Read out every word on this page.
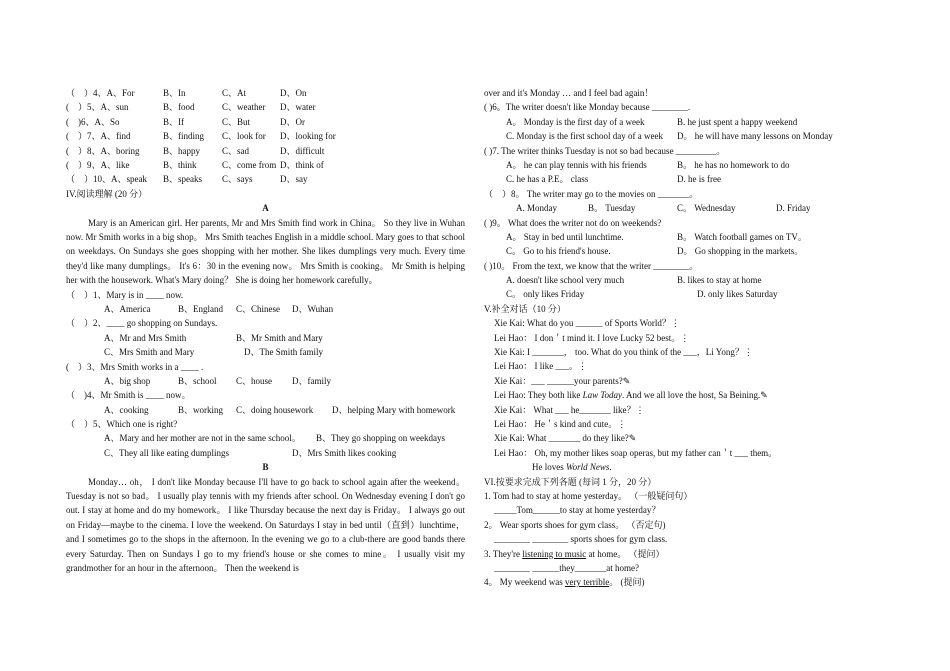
（　）4、A、For	B、In	C、At	D、On
(　）5、A、sun	B、food	C、weather D、water
(　)6、A、So	B、If	C、But	D、Or
(　）7、A、find	B、finding C、look for D、looking for
(　）8、A、boring	B、happy C、sad	D、difficult
(　）9、A、like	B、think	C、come from D、think of
（　）10、A、speak B、speaks C、says	D、say
IV.阅读理解 (20 分）
A

Mary is an American girl. Her parents, Mr and Mrs Smith find work in China。 So they live in Wuhan now. Mr Smith works in a big shop。 Mrs Smith teaches English in a middle school. Mary goes to that school on weekdays. On Sundays she goes shopping with her mother. She likes dumplings very much. Every time they'd like many dumplings。 It's 6：30 in the evening now。 Mrs Smith is cooking。 Mr Smith is helping her with the housework. What's Mary doing？ She is doing her homework carefully。

（　）1、Mary is in ____ now.
A、America	B、England C、Chinese D、Wuhan
（　）2、____ go shopping on Sundays.
A、Mr and Mrs Smith	B、Mr Smith and Mary
C、Mrs Smith and Mary	D、The Smith family
(　）3、Mrs Smith works in a ____ .
A、big shop	B、school C、house D、family
（　)4、Mr Smith is ____ now。
A、cooking	B、working C、doing housework D、helping Mary with homework
（　）5、Which one is right?
A、Mary and her mother are not in the same school。 B、They go shopping on weekdays
C、They all like eating dumplings	D、Mrs Smith likes cooking
B

Monday… oh， I don't like Monday because I'll have to go back to school again after the weekend。 Tuesday is not so bad。 I usually play tennis with my friends after school. On Wednesday evening I don't go out. I stay at home and do my homework。 I like Thursday because the next day is Friday。 I always go out on Friday—maybe to the cinema. I love the weekend. On Saturdays I stay in bed until（直到）lunchtime， and I sometimes go to the shops in the afternoon. In the evening we go to a club-there are good bands there every Saturday. Then on Sundays I go to my friend's house or she comes to mine。 I usually visit my grandmother for an hour in the afternoon。 Then the weekend is

over and it's Monday … and I feel bad again！
( )6。The writer doesn't like Monday because ________.
A。 Monday is the first day of a week	B. he just spent a happy weekend
C. Monday is the first school day of a week D。 he will have many lessons on Monday
( )7. The writer thinks Tuesday is not so bad because _________。
A。 he can play tennis with his friends	B。 he has no homework to do
C. he has a P.E。 class	D. he is free
（　）8。 The writer may go to the movies on _______。
A. Monday	B。 Tuesday	C。 Wednesday	D. Friday
( )9。 What does the writer not do on weekends?
A。 Stay in bed until lunchtime.	B。 Watch football games on TV。
C。 Go to his friend's house.	D。 Go shopping in the markets。
( )10。 From the text, we know that the writer ________。
A. doesn't like school very much	B. likes to stay at home
C。 only likes Friday	D. only likes Saturday
V.补全对话（10 分）
Xie Kai: What do you ______ of Sports World？⋮
Lei Hao： I don＇t mind it. I love Lucky 52 best。⋮
Xie Kai: I _______， too. What do you think of the ___，Li Yong？⋮
Lei Hao： I like ___。⋮
Xie Kai：___ ______your parents?✎
Lei Hao: They both like Law Today. And we all love the host, Sa Beining.✎
Xie Kai： What ___ he_______ like？⋮
Lei Hao： He＇s kind and cute。⋮
Xie Kai: What _______ do they like?✎
Lei Hao： Oh, my mother likes soap operas, but my father can＇t ___ them。
He loves World News.
VI.按要求完成下列各题 (每词 1 分，20 分）
1. Tom had to stay at home yesterday。 （一般疑问句）
_____Tom______to stay at home yesterday？
2。 Wear sports shoes for gym class。 （否定句)
________ ________ sports shoes for gym class.
3. They're listening to music at home。 （提问）
________ ______they_______at home?
4。 My weekend was very terrible。 (提问)
